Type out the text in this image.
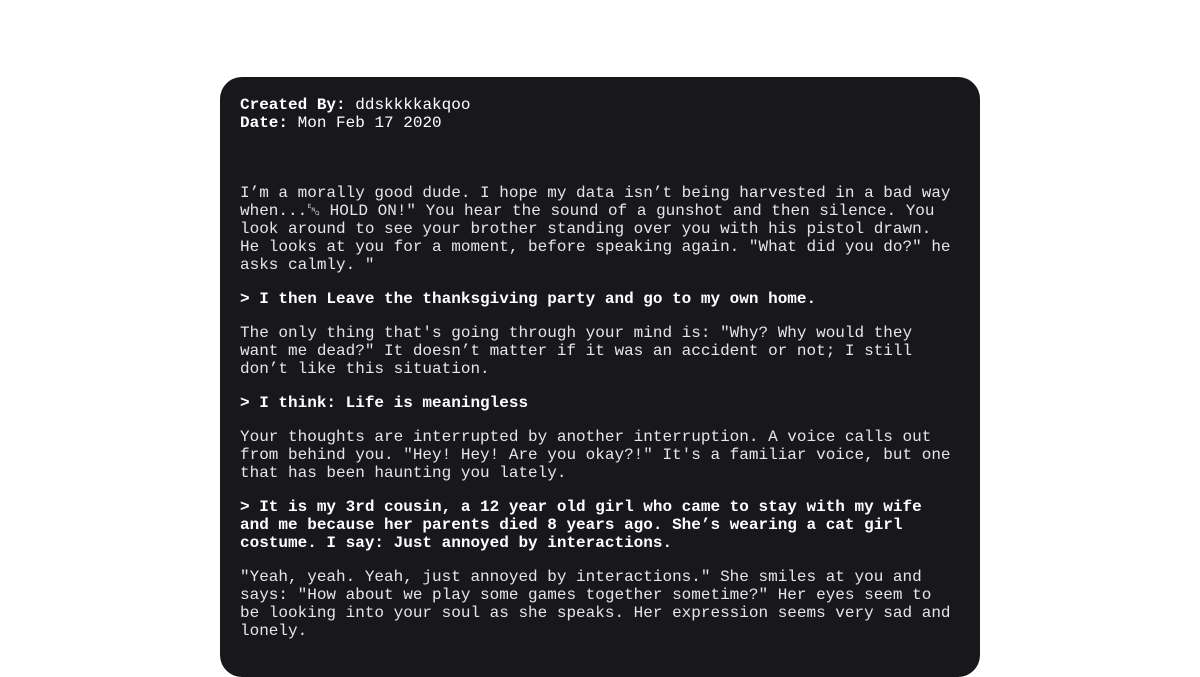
Created By: ddskkkkakqoo
Date: Mon Feb 17 2020

I’m a morally good dude. I hope my data isn’t being harvested in a bad way when...␅ HOLD ON!" You hear the sound of a gunshot and then silence. You look around to see your brother standing over you with his pistol drawn. He looks at you for a moment, before speaking again. "What did you do?" he asks calmly. "

> I then Leave the thanksgiving party and go to my own home.

The only thing that's going through your mind is: "Why? Why would they want me dead?" It doesn’t matter if it was an accident or not; I still don’t like this situation.

> I think: Life is meaningless

Your thoughts are interrupted by another interruption. A voice calls out from behind you. "Hey! Hey! Are you okay?!" It's a familiar voice, but one that has been haunting you lately.

> It is my 3rd cousin, a 12 year old girl who came to stay with my wife and me because her parents died 8 years ago. She’s wearing a cat girl costume. I say: Just annoyed by interactions.

"Yeah, yeah. Yeah, just annoyed by interactions." She smiles at you and says: "How about we play some games together sometime?" Her eyes seem to be looking into your soul as she speaks. Her expression seems very sad and lonely.
